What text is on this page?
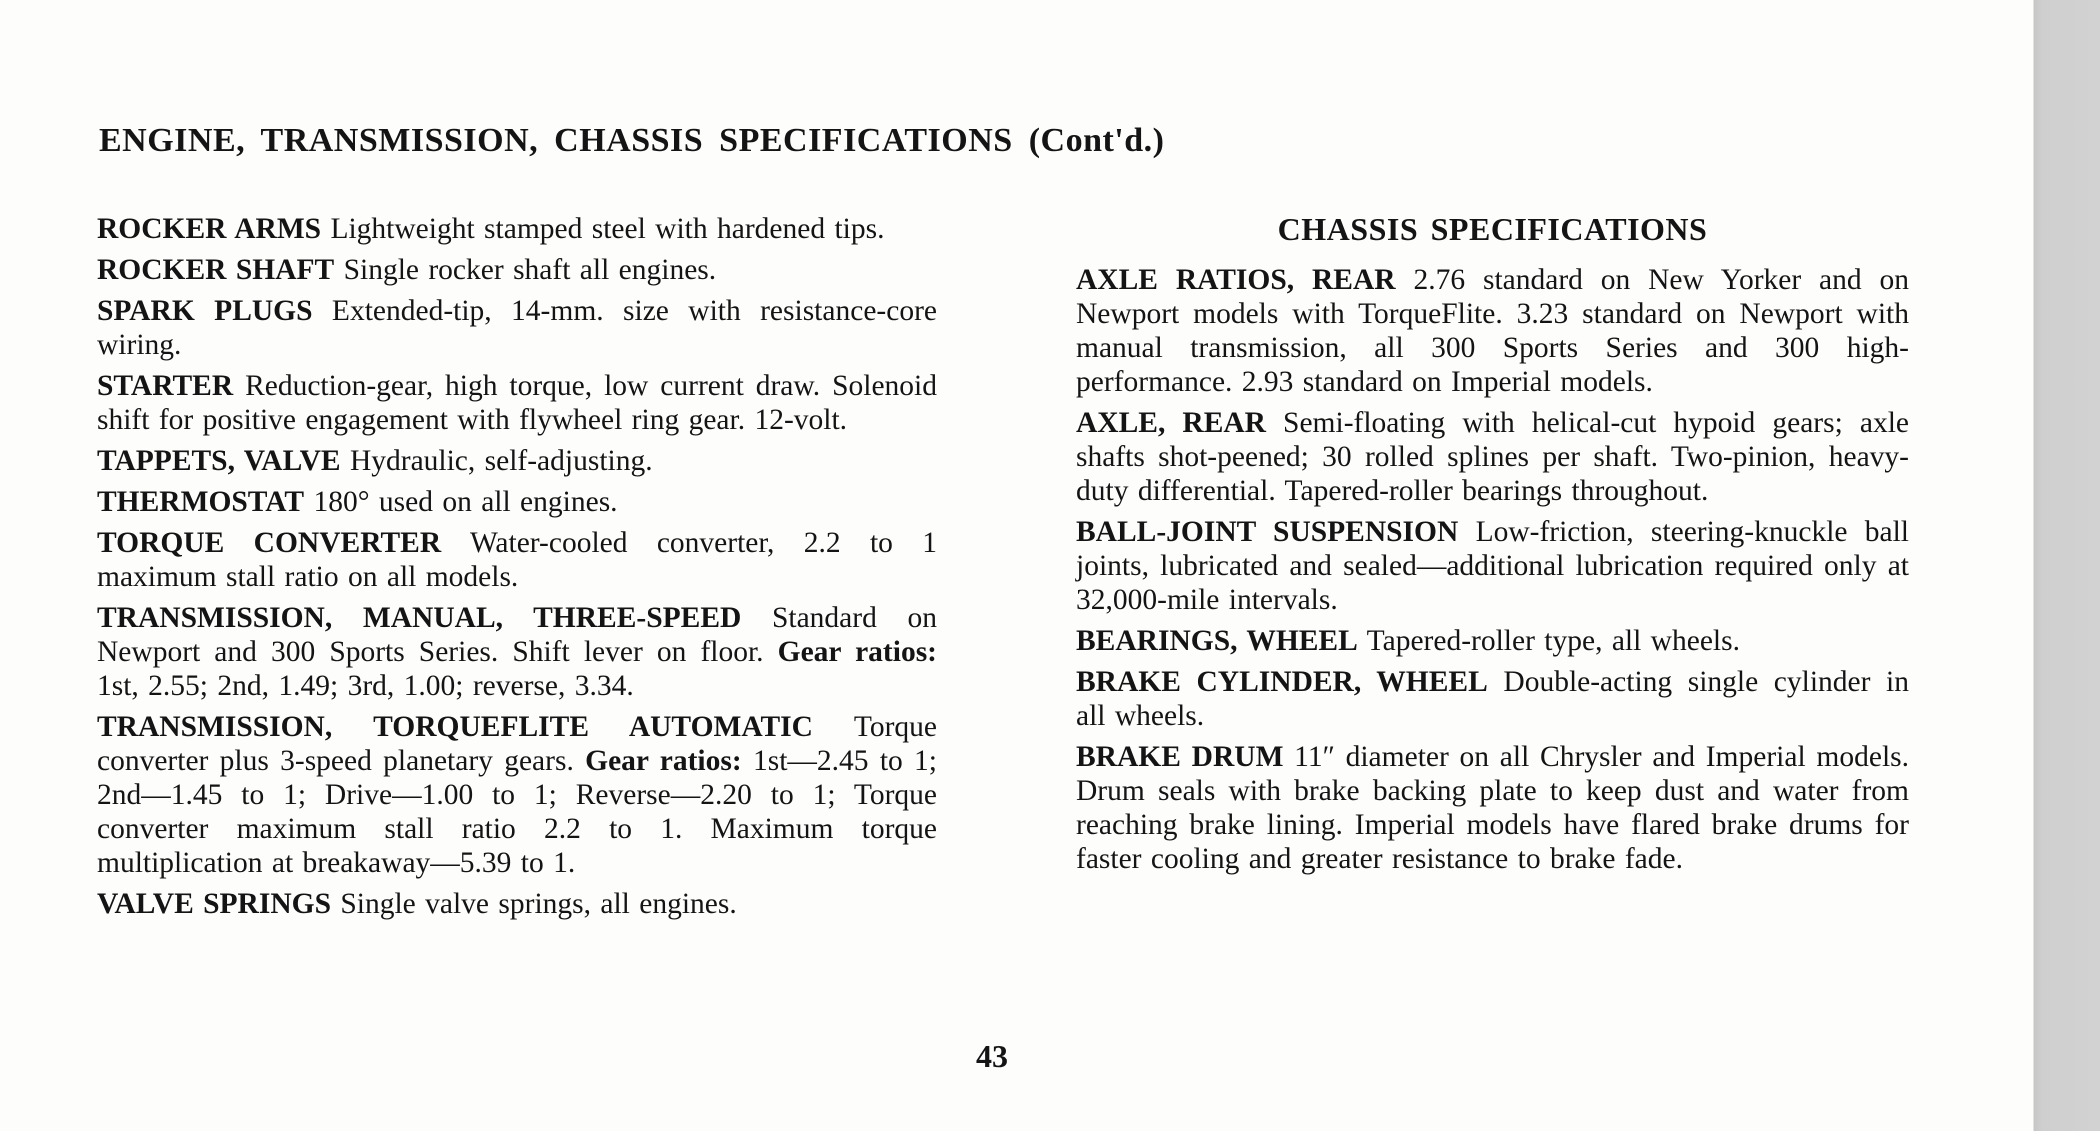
ENGINE, TRANSMISSION, CHASSIS SPECIFICATIONS (Cont'd.)

ROCKER ARMS Lightweight stamped steel with hardened tips.

ROCKER SHAFT Single rocker shaft all engines.

SPARK PLUGS Extended-tip, 14-mm. size with resistance-core wiring.

STARTER Reduction-gear, high torque, low current draw. Solenoid shift for positive engagement with flywheel ring gear. 12-volt.

TAPPETS, VALVE Hydraulic, self-adjusting.

THERMOSTAT 180° used on all engines.

TORQUE CONVERTER Water-cooled converter, 2.2 to 1 maximum stall ratio on all models.

TRANSMISSION, MANUAL, THREE-SPEED Standard on Newport and 300 Sports Series. Shift lever on floor. Gear ratios: 1st, 2.55; 2nd, 1.49; 3rd, 1.00; reverse, 3.34.

TRANSMISSION, TORQUEFLITE AUTOMATIC Torque converter plus 3-speed planetary gears. Gear ratios: 1st—2.45 to 1; 2nd—1.45 to 1; Drive—1.00 to 1; Reverse—2.20 to 1; Torque converter maximum stall ratio 2.2 to 1. Maximum torque multiplication at breakaway—5.39 to 1.

VALVE SPRINGS Single valve springs, all engines.

CHASSIS SPECIFICATIONS

AXLE RATIOS, REAR 2.76 standard on New Yorker and on Newport models with TorqueFlite. 3.23 standard on Newport with manual transmission, all 300 Sports Series and 300 high-performance. 2.93 standard on Imperial models.

AXLE, REAR Semi-floating with helical-cut hypoid gears; axle shafts shot-peened; 30 rolled splines per shaft. Two-pinion, heavy-duty differential. Tapered-roller bearings throughout.

BALL-JOINT SUSPENSION Low-friction, steering-knuckle ball joints, lubricated and sealed—additional lubrication required only at 32,000-mile intervals.

BEARINGS, WHEEL Tapered-roller type, all wheels.

BRAKE CYLINDER, WHEEL Double-acting single cylinder in all wheels.

BRAKE DRUM 11″ diameter on all Chrysler and Imperial models. Drum seals with brake backing plate to keep dust and water from reaching brake lining. Imperial models have flared brake drums for faster cooling and greater resistance to brake fade.

43
